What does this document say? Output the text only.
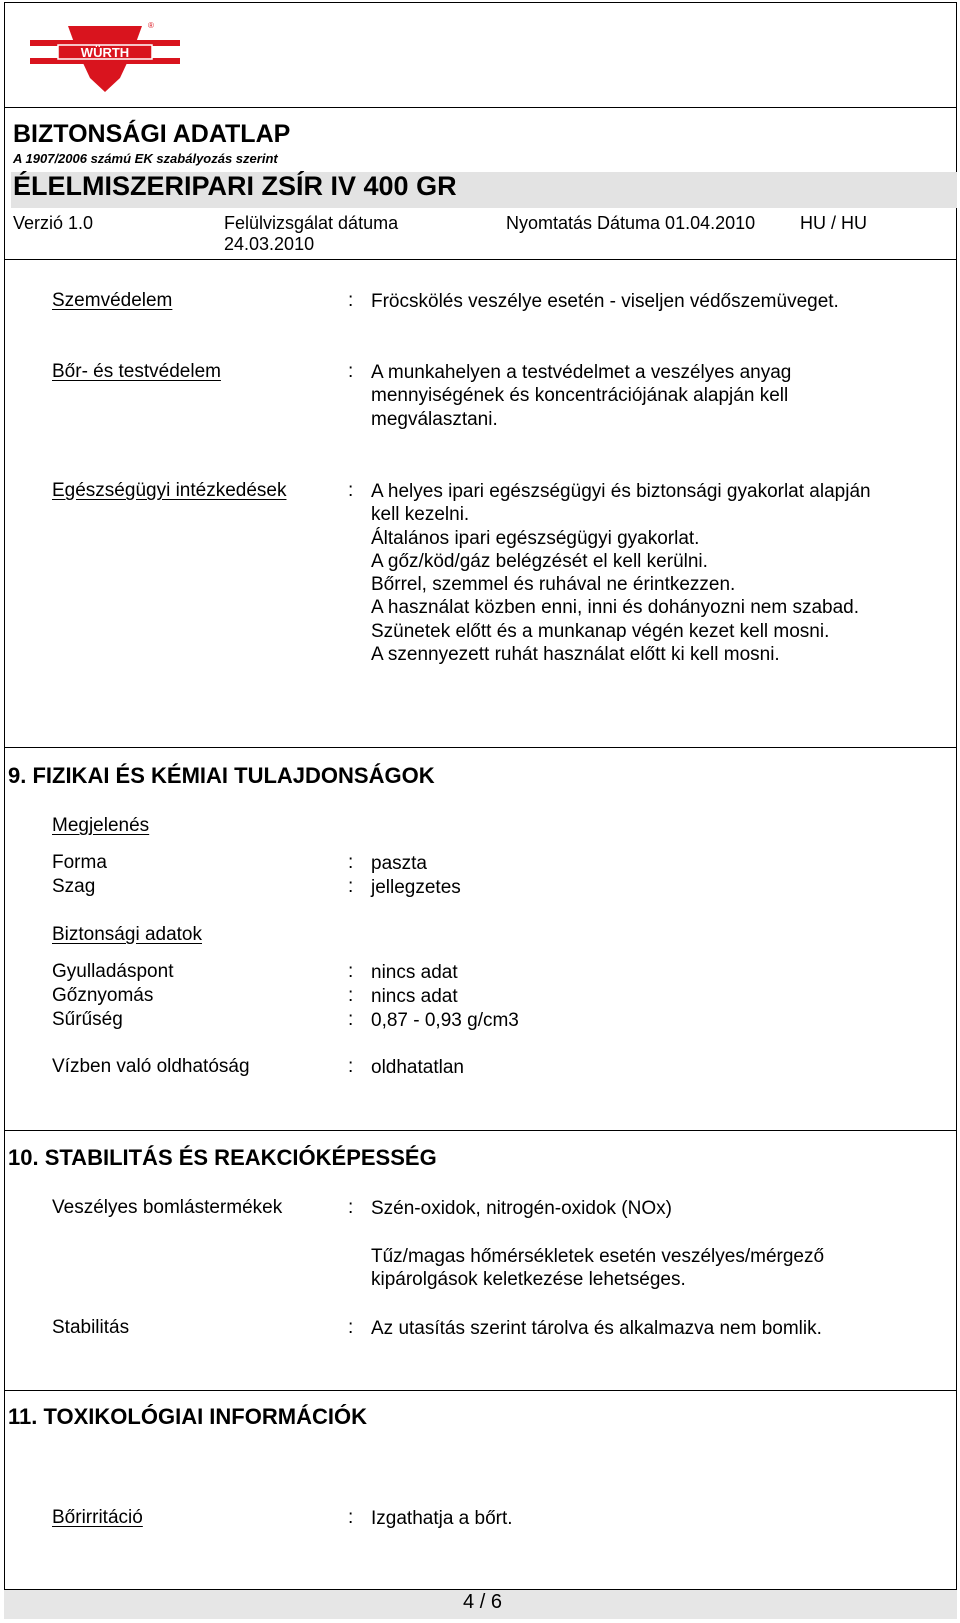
WÜRTH
®
BIZTONSÁGI ADATLAP
A 1907/2006 számú EK szabályozás szerint
ÉLELMISZERIPARI ZSÍR IV 400 GR
Verzió 1.0	Felülvizsgálat dátuma
24.03.2010
Nyomtatás Dátuma 01.04.2010 HU / HU
Szemvédelem	: Fröcskölés veszélye esetén - viseljen védőszemüveget.
Bőr- és testvédelem	: A munkahelyen a testvédelmet a veszélyes anyag
mennyiségének és koncentrációjának alapján kell
megválasztani.
Egészségügyi intézkedések	: A helyes ipari egészségügyi és biztonsági gyakorlat alapján
kell kezelni.
Általános ipari egészségügyi gyakorlat.
A gőz/köd/gáz belégzését el kell kerülni.
Bőrrel, szemmel és ruhával ne érintkezzen.
A használat közben enni, inni és dohányozni nem szabad.
Szünetek előtt és a munkanap végén kezet kell mosni.
A szennyezett ruhát használat előtt ki kell mosni.
9. FIZIKAI ÉS KÉMIAI TULAJDONSÁGOK
Megjelenés
Forma	: paszta
Szag	: jellegzetes
Biztonsági adatok
Gyulladáspont	: nincs adat
Gőznyomás	: nincs adat
Sűrűség	: 0,87 - 0,93 g/cm3
Vízben való oldhatóság	: oldhatatlan
10. STABILITÁS ÉS REAKCIÓKÉPESSÉG
Veszélyes bomlástermékek	: Szén-oxidok, nitrogén-oxidok (NOx)
Tűz/magas hőmérsékletek esetén veszélyes/mérgező
kipárolgások keletkezése lehetséges.
Stabilitás	: Az utasítás szerint tárolva és alkalmazva nem bomlik.
11. TOXIKOLÓGIAI INFORMÁCIÓK
Bőrirritáció	: Izgathatja a bőrt.
4 / 6
